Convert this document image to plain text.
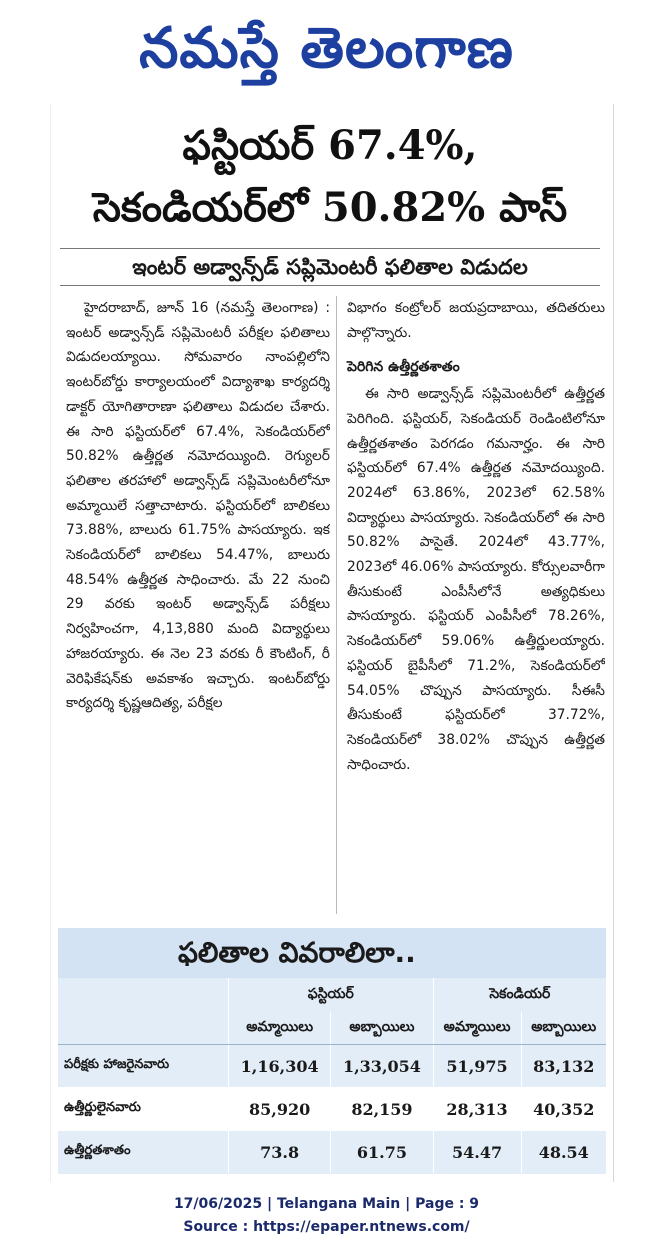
నమస్తే తెలంగాణ
ఫస్టియర్ 67.4%,
సెకండియర్‌లో 50.82% పాస్
ఇంటర్ అడ్వాన్స్‌డ్ సప్లిమెంటరీ ఫలితాల విడుదల

హైదరాబాద్, జూన్ 16 (నమస్తే తెలంగాణ) : ఇంటర్ అడ్వాన్స్‌డ్ సప్లిమెంటరీ పరీక్షల ఫలితాలు విడుదలయ్యాయి. సోమవారం నాంపల్లిలోని ఇంటర్‌బోర్డు కార్యాలయంలో విద్యాశాఖ కార్యదర్శి డాక్టర్ యోగితారాణా ఫలితాలు విడుదల చేశారు. ఈ సారి ఫస్టియర్‌లో 67.4%, సెకండియర్‌లో 50.82% ఉత్తీర్ణత నమోదయ్యింది. రెగ్యులర్ ఫలితాల తరహాలో అడ్వాన్స్‌డ్ సప్లిమెంటరీలోనూ అమ్మాయిలే సత్తాచాటారు. ఫస్టియర్‌లో బాలికలు 73.88%, బాలురు 61.75% పాసయ్యారు. ఇక సెకండియర్‌లో బాలికలు 54.47%, బాలురు 48.54% ఉత్తీర్ణత సాధించారు. మే 22 నుంచి 29 వరకు ఇంటర్ అడ్వాన్స్‌డ్ పరీక్షలు నిర్వహించగా, 4,13,880 మంది విద్యార్థులు హాజరయ్యారు. ఈ నెల 23 వరకు రీ కౌంటింగ్, రీ వెరిఫికేషన్‌కు అవకాశం ఇచ్చారు. ఇంటర్‌బోర్డు కార్యదర్శి కృష్ణఆదిత్య, పరీక్షల

విభాగం కంట్రోలర్ జయప్రదాబాయి, తదితరులు పాల్గొన్నారు.

పెరిగిన ఉత్తీర్ణతశాతం

ఈ సారి అడ్వాన్స్‌డ్ సప్లిమెంటరీలో ఉత్తీర్ణత పెరిగింది. ఫస్టియర్, సెకండియర్ రెండింటిలోనూ ఉత్తీర్ణతశాతం పెరగడం గమనార్హం. ఈ సారి ఫస్టియర్‌లో 67.4% ఉత్తీర్ణత నమోదయ్యింది. 2024లో 63.86%, 2023లో 62.58% విద్యార్థులు పాసయ్యారు. సెకండియర్‌లో ఈ సారి 50.82% పాసైతే. 2024లో 43.77%, 2023లో 46.06% పాసయ్యారు. కోర్సులవారీగా తీసుకుంటే ఎంపీసీలోనే అత్యధికులు పాసయ్యారు. ఫస్టియర్ ఎంపీసీలో 78.26%, సెకండియర్‌లో 59.06% ఉత్తీర్ణులయ్యారు. ఫస్టియర్ బైపీసీలో 71.2%, సెకండియర్‌లో 54.05% చొప్పున పాసయ్యారు. సీఈసీ తీసుకుంటే ఫస్టియర్‌లో 37.72%, సెకండియర్‌లో 38.02% చొప్పున ఉత్తీర్ణత సాధించారు.

ఫలితాల వివరాలిలా..
	ఫస్టియర్		సెకండియర్	
	అమ్మాయిలు	అబ్బాయిలు	అమ్మాయిలు	అబ్బాయిలు
పరీక్షకు హాజరైనవారు	1,16,304	1,33,054	51,975	83,132
ఉత్తీర్ణులైనవారు	85,920	82,159	28,313	40,352
ఉత్తీర్ణతశాతం	73.8	61.75	54.47	48.54
17/06/2025 | Telangana Main | Page : 9
Source : https://epaper.ntnews.com/
